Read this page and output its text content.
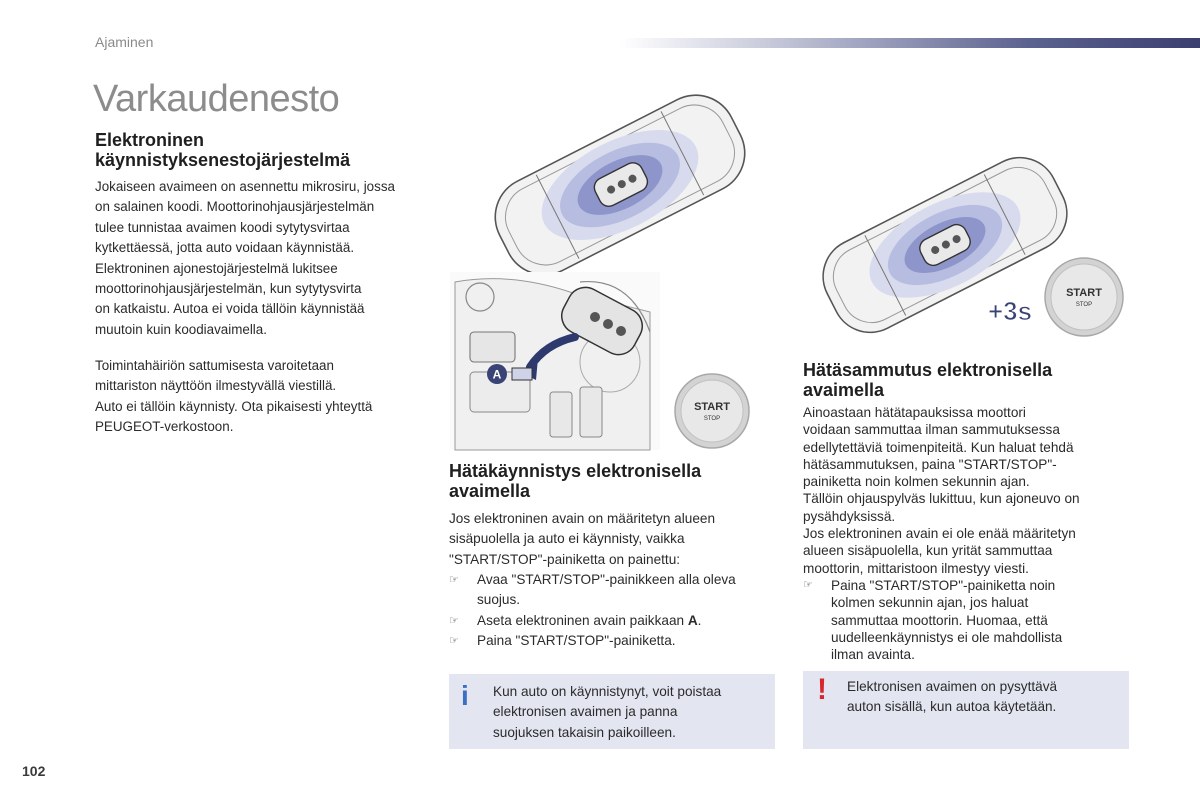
Ajaminen
Varkaudenesto
Elektroninen
käynnistyksenestojärjestelmä

Jokaiseen avaimeen on asennettu mikrosiru, jossa

on salainen koodi. Moottorinohjausjärjestelmän

tulee tunnistaa avaimen koodi sytytysvirtaa

kytkettäessä, jotta auto voidaan käynnistää.

Elektroninen ajonestojärjestelmä lukitsee

moottorinohjausjärjestelmän, kun sytytysvirta

on katkaistu. Autoa ei voida tällöin käynnistää

muutoin kuin koodiavaimella.

Toimintahäiriön sattumisesta varoitetaan

mittariston näyttöön ilmestyvällä viestillä.

Auto ei tällöin käynnisty. Ota pikaisesti yhteyttä

PEUGEOT-verkostoon.

A
START
STOP
+3s
START
STOP
Hätäkäynnistys elektronisella
avaimella

Jos elektroninen avain on määritetyn alueen

sisäpuolella ja auto ei käynnisty, vaikka

"START/STOP"-painiketta on painettu:

☞ Avaa "START/STOP"-painikkeen alla oleva
suojus.
☞ Aseta elektroninen avain paikkaan A.
☞ Paina "START/STOP"-painiketta.
i Kun auto on käynnistynyt, voit poistaa
elektronisen avaimen ja panna
suojuksen takaisin paikoilleen.
Hätäsammutus elektronisella
avaimella

Ainoastaan hätätapauksissa moottori

voidaan sammuttaa ilman sammutuksessa

edellytettäviä toimenpiteitä. Kun haluat tehdä

hätäsammutuksen, paina "START/STOP"-

painiketta noin kolmen sekunnin ajan.

Tällöin ohjauspylväs lukittuu, kun ajoneuvo on

pysähdyksissä.

Jos elektroninen avain ei ole enää määritetyn

alueen sisäpuolella, kun yrität sammuttaa

moottorin, mittaristoon ilmestyy viesti.

☞ Paina "START/STOP"-painiketta noin
kolmen sekunnin ajan, jos haluat
sammuttaa moottorin. Huomaa, että
uudelleenkäynnistys ei ole mahdollista
ilman avainta.
! Elektronisen avaimen on pysyttävä
auton sisällä, kun autoa käytetään.
102
